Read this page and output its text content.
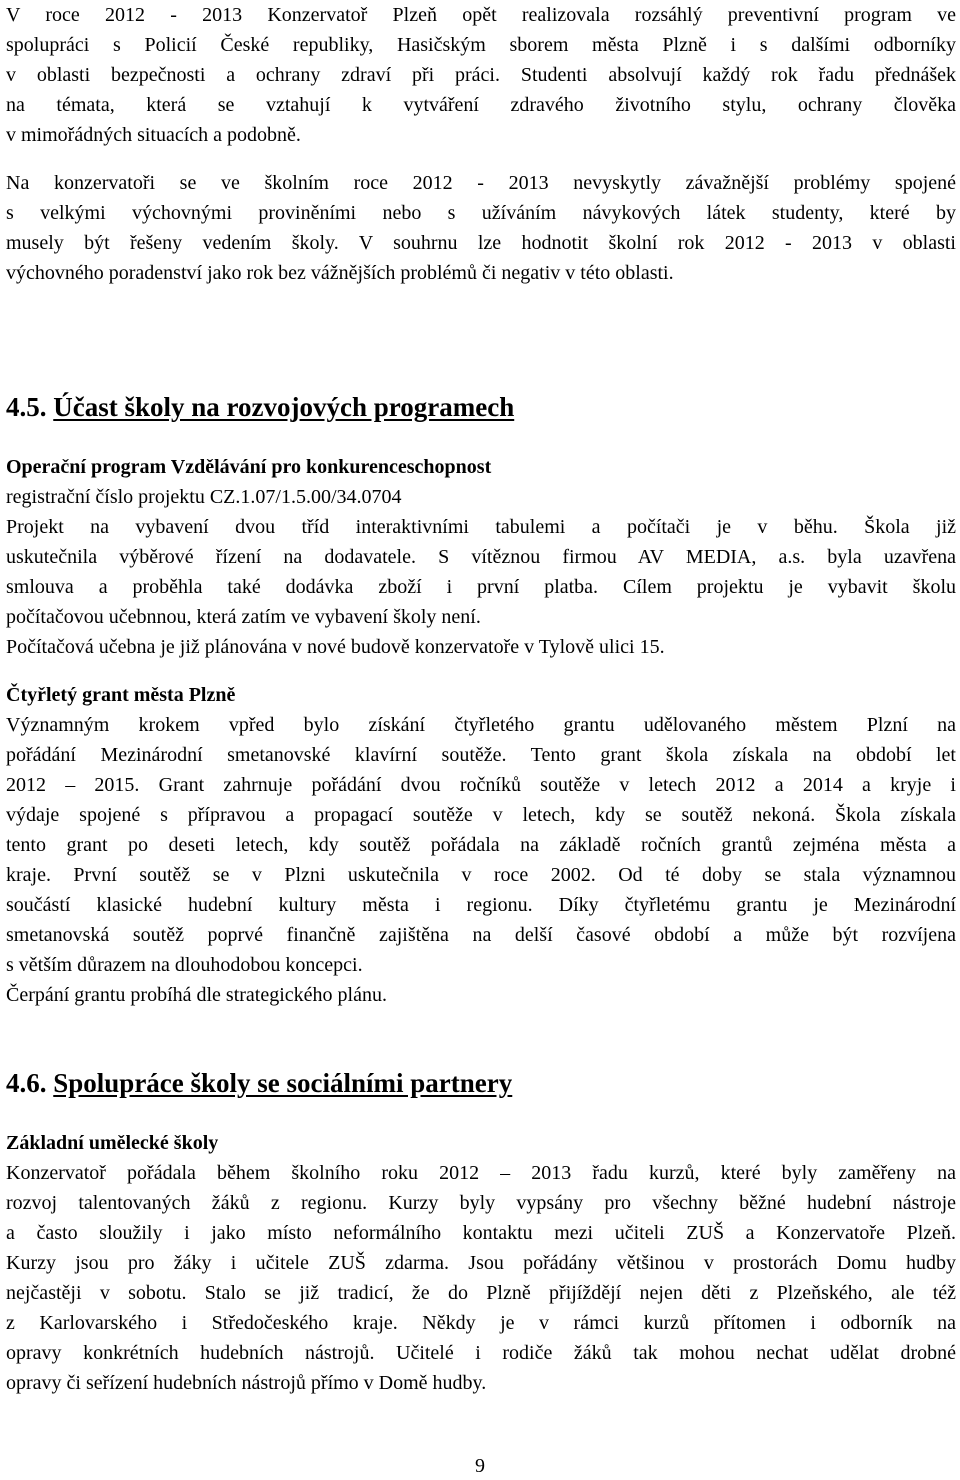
V roce 2012 - 2013 Konzervatoř Plzeň opět realizovala rozsáhlý preventivní program ve
spolupráci s Policií České republiky, Hasičským sborem města Plzně i s dalšími odborníky
v oblasti bezpečnosti a ochrany zdraví při práci. Studenti absolvují každý rok řadu přednášek
na témata, která se vztahují k vytváření zdravého životního stylu, ochrany člověka
v mimořádných situacích a podobně.

Na konzervatoři se ve školním roce 2012 - 2013 nevyskytly závažnější problémy spojené
s velkými výchovnými proviněními nebo s užíváním návykových látek studenty, které by
musely být řešeny vedením školy. V souhrnu lze hodnotit školní rok 2012 - 2013 v oblasti
výchovného poradenství jako rok bez vážnějších problémů či negativ v této oblasti.

4.5. Účast školy na rozvojových programech
Operační program Vzdělávání pro konkurenceschopnost

registrační číslo projektu CZ.1.07/1.5.00/34.0704
Projekt na vybavení dvou tříd interaktivními tabulemi a počítači je v běhu. Škola již
uskutečnila výběrové řízení na dodavatele. S vítěznou firmou AV MEDIA, a.s. byla uzavřena
smlouva a proběhla také dodávka zboží i první platba. Cílem projektu je vybavit školu
počítačovou učebnnou, která zatím ve vybavení školy není.
Počítačová učebna je již plánována v nové budově konzervatoře v Tylově ulici 15.

Čtyřletý grant města Plzně

Významným krokem vpřed bylo získání čtyřletého grantu udělovaného městem Plzní na
pořádání Mezinárodní smetanovské klavírní soutěže. Tento grant škola získala na období let
2012 – 2015. Grant zahrnuje pořádání dvou ročníků soutěže v letech 2012 a 2014 a kryje i
výdaje spojené s přípravou a propagací soutěže v letech, kdy se soutěž nekoná. Škola získala
tento grant po deseti letech, kdy soutěž pořádala na základě ročních grantů zejména města a
kraje. První soutěž se v Plzni uskutečnila v roce 2002. Od té doby se stala významnou
součástí klasické hudební kultury města i regionu. Díky čtyřletému grantu je Mezinárodní
smetanovská soutěž poprvé finančně zajištěna na delší časové období a může být rozvíjena
s větším důrazem na dlouhodobou koncepci.
Čerpání grantu probíhá dle strategického plánu.

4.6. Spolupráce školy se sociálními partnery
Základní umělecké školy

Konzervatoř pořádala během školního roku 2012 – 2013 řadu kurzů, které byly zaměřeny na
rozvoj talentovaných žáků z regionu. Kurzy byly vypsány pro všechny běžné hudební nástroje
a často sloužily i jako místo neformálního kontaktu mezi učiteli ZUŠ a Konzervatoře Plzeň.
Kurzy jsou pro žáky i učitele ZUŠ zdarma. Jsou pořádány většinou v prostorách Domu hudby
nejčastěji v sobotu. Stalo se již tradicí, že do Plzně přijíždějí nejen děti z Plzeňského, ale též
z Karlovarského i Středočeského kraje. Někdy je v rámci kurzů přítomen i odborník na
opravy konkrétních hudebních nástrojů. Učitelé i rodiče žáků tak mohou nechat udělat drobné
opravy či seřízení hudebních nástrojů přímo v Domě hudby.

9
